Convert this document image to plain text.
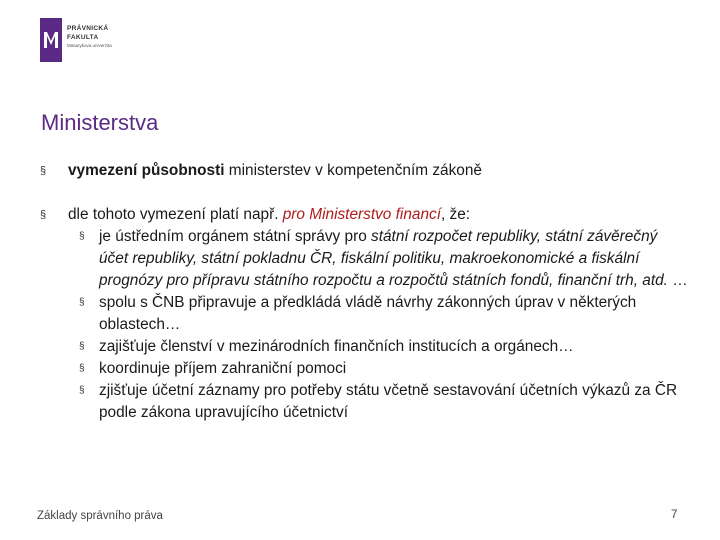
PRÁVNICKÁ
FAKULTA
Masarykova univerzita
Ministerstva
§ vymezení působnosti ministerstev v kompetenčním zákoně
§ dle tohoto vymezení platí např. pro Ministerstvo financí, že:
§ je ústředním orgánem státní správy pro státní rozpočet republiky, státní závěrečný účet republiky, státní pokladnu ČR, fiskální politiku, makroekonomické a fiskální prognózy pro přípravu státního rozpočtu a rozpočtů státních fondů, finanční trh, atd. …
§ spolu s ČNB připravuje a předkládá vládě návrhy zákonných úprav v některých oblastech…
§ zajišťuje členství v mezinárodních finančních institucích a orgánech…
§ koordinuje příjem zahraniční pomoci
§ zjišťuje účetní záznamy pro potřeby státu včetně sestavování účetních výkazů za ČR podle zákona upravujícího účetnictví
Základy správního práva	7
